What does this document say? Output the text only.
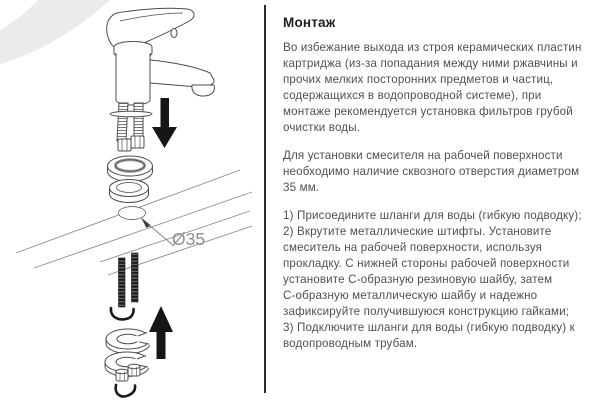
Ø35
Монтаж
Во избежание выхода из строя керамических пластин
картриджа (из-за попадания между ними ржавчины и
прочих мелких посторонних предметов и частиц,
содержащихся в водопроводной системе), при
монтаже рекомендуется установка фильтров грубой
очистки воды.
Для установки смесителя на рабочей поверхности
необходимо наличие сквозного отверстия диаметром
35 мм.
1) Присоедините шланги для воды (гибкую подводку);
2) Вкрутите металлические штифты. Установите
смеситель на рабочей поверхности, используя
прокладку. С нижней стороны рабочей поверхности
установите С-образную резиновую шайбу, затем
С-образную металлическую шайбу и надежно
зафиксируйте получившуюся конструкцию гайками;
3) Подключите шланги для воды (гибкую подводку) к
водопроводным трубам.
